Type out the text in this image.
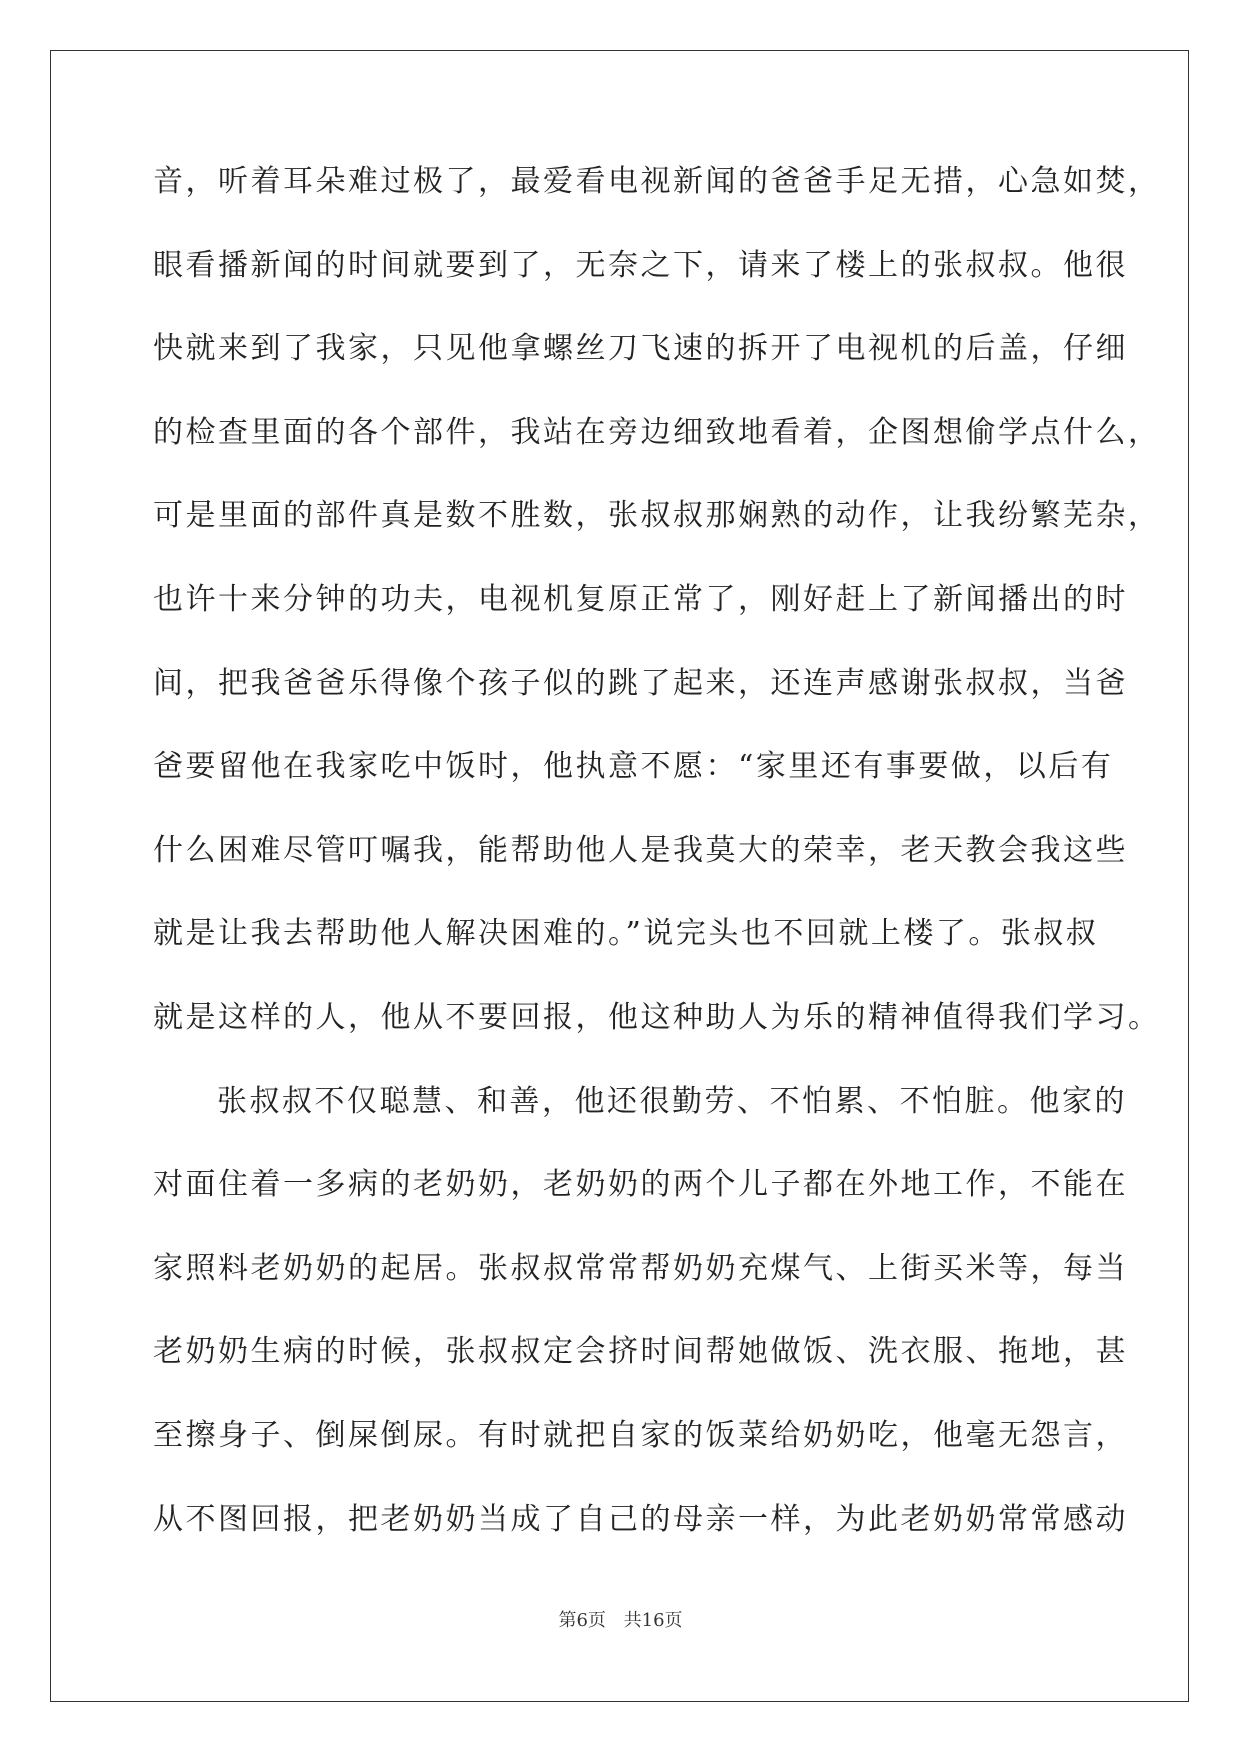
音，听着耳朵难过极了，最爱看电视新闻的爸爸手足无措，心急如焚，

眼看播新闻的时间就要到了，无奈之下，请来了楼上的张叔叔。他很

快就来到了我家，只见他拿螺丝刀飞速的拆开了电视机的后盖，仔细

的检查里面的各个部件，我站在旁边细致地看着，企图想偷学点什么，

可是里面的部件真是数不胜数，张叔叔那娴熟的动作，让我纷繁芜杂，

也许十来分钟的功夫，电视机复原正常了，刚好赶上了新闻播出的时

间，把我爸爸乐得像个孩子似的跳了起来，还连声感谢张叔叔，当爸

爸要留他在我家吃中饭时，他执意不愿：“家里还有事要做，以后有

什么困难尽管叮嘱我，能帮助他人是我莫大的荣幸，老天教会我这些

就是让我去帮助他人解决困难的。”说完头也不回就上楼了。张叔叔

就是这样的人，他从不要回报，他这种助人为乐的精神值得我们学习。

张叔叔不仅聪慧、和善，他还很勤劳、不怕累、不怕脏。他家的

对面住着一多病的老奶奶，老奶奶的两个儿子都在外地工作，不能在

家照料老奶奶的起居。张叔叔常常帮奶奶充煤气、上街买米等，每当

老奶奶生病的时候，张叔叔定会挤时间帮她做饭、洗衣服、拖地，甚

至擦身子、倒屎倒尿。有时就把自家的饭菜给奶奶吃，他毫无怨言，

从不图回报，把老奶奶当成了自己的母亲一样，为此老奶奶常常感动

第6页 共16页
